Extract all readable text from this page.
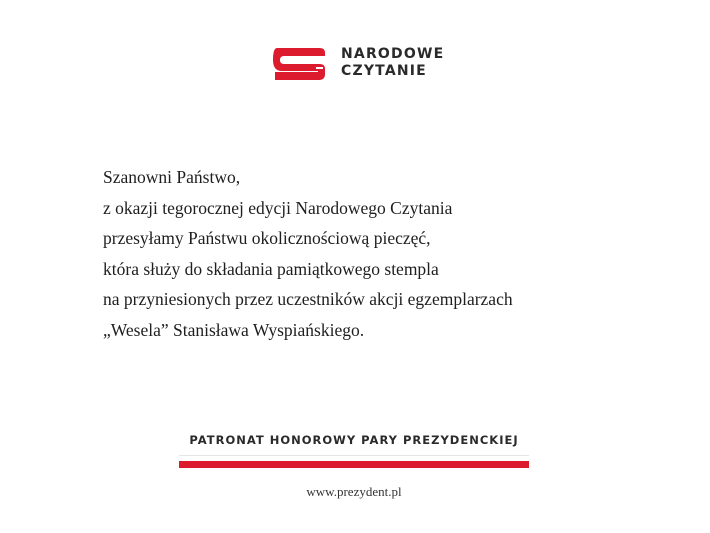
NARODOWE
CZYTANIE
Szanowni Państwo,
z okazji tegorocznej edycji Narodowego Czytania
przesyłamy Państwu okolicznościową pieczęć,
która służy do składania pamiątkowego stempla
na przyniesionych przez uczestników akcji egzemplarzach
„Wesela” Stanisława Wyspiańskiego.
PATRONAT HONOROWY PARY PREZYDENCKIEJ
www.prezydent.pl
